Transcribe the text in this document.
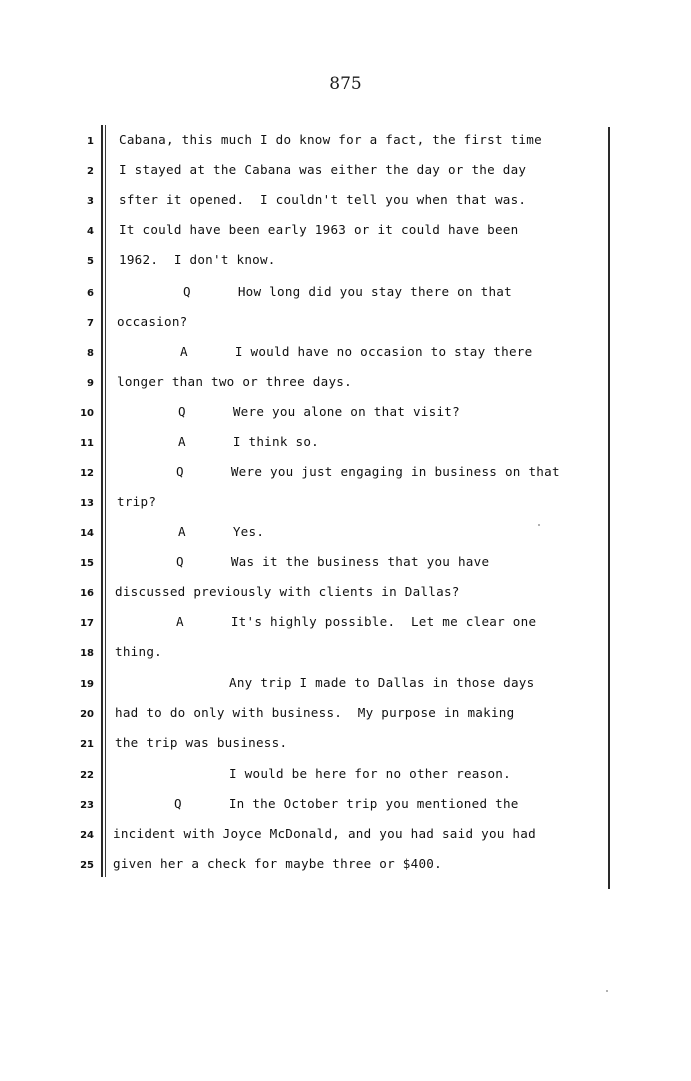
875
1 Cabana, this much I do know for a fact, the first time
2 I stayed at the Cabana was either the day or the day
3 sfter it opened.  I couldn't tell you when that was.
4 It could have been early 1963 or it could have been
5 1962.  I don't know.
6	Q      How long did you stay there on that
7 occasion?
8	A      I would have no occasion to stay there
9 longer than two or three days.
10	Q      Were you alone on that visit?
11	A      I think so.
12	Q      Were you just engaging in business on that
13 trip?
14	A      Yes.
15	Q      Was it the business that you have
16 discussed previously with clients in Dallas?
17	A      It's highly possible.  Let me clear one
18 thing.
19	Any trip I made to Dallas in those days
20 had to do only with business.  My purpose in making
21 the trip was business.
22	I would be here for no other reason.
23	Q      In the October trip you mentioned the
24 incident with Joyce McDonald, and you had said you had
25 given her a check for maybe three or $400.
